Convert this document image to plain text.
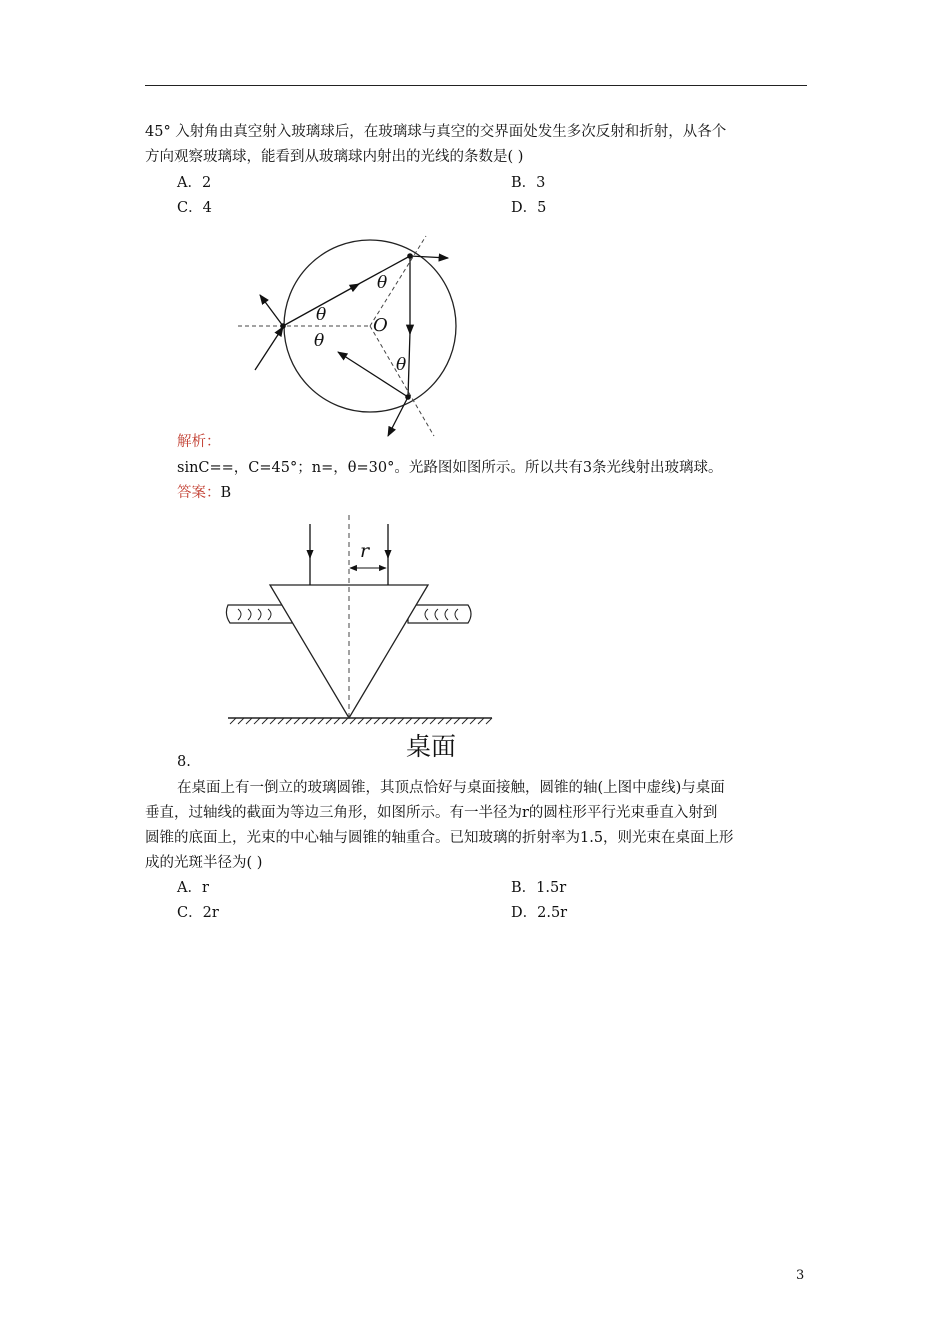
45° 入射角由真空射入玻璃球后，在玻璃球与真空的交界面处发生多次反射和折射，从各个
方向观察玻璃球，能看到从玻璃球内射出的光线的条数是( )
A．2	B．3
C．4	D．5
O
θ
θ
θ
θ
解析：
sinC==，C=45°；n=，θ=30°。光路图如图所示。所以共有3条光线射出玻璃球。
答案：B
r
桌面
8.
在桌面上有一倒立的玻璃圆锥，其顶点恰好与桌面接触，圆锥的轴(上图中虚线)与桌面
垂直，过轴线的截面为等边三角形，如图所示。有一半径为r的圆柱形平行光束垂直入射到
圆锥的底面上，光束的中心轴与圆锥的轴重合。已知玻璃的折射率为1.5，则光束在桌面上形
成的光斑半径为( )
A．r	B．1.5r
C．2r	D．2.5r
3
